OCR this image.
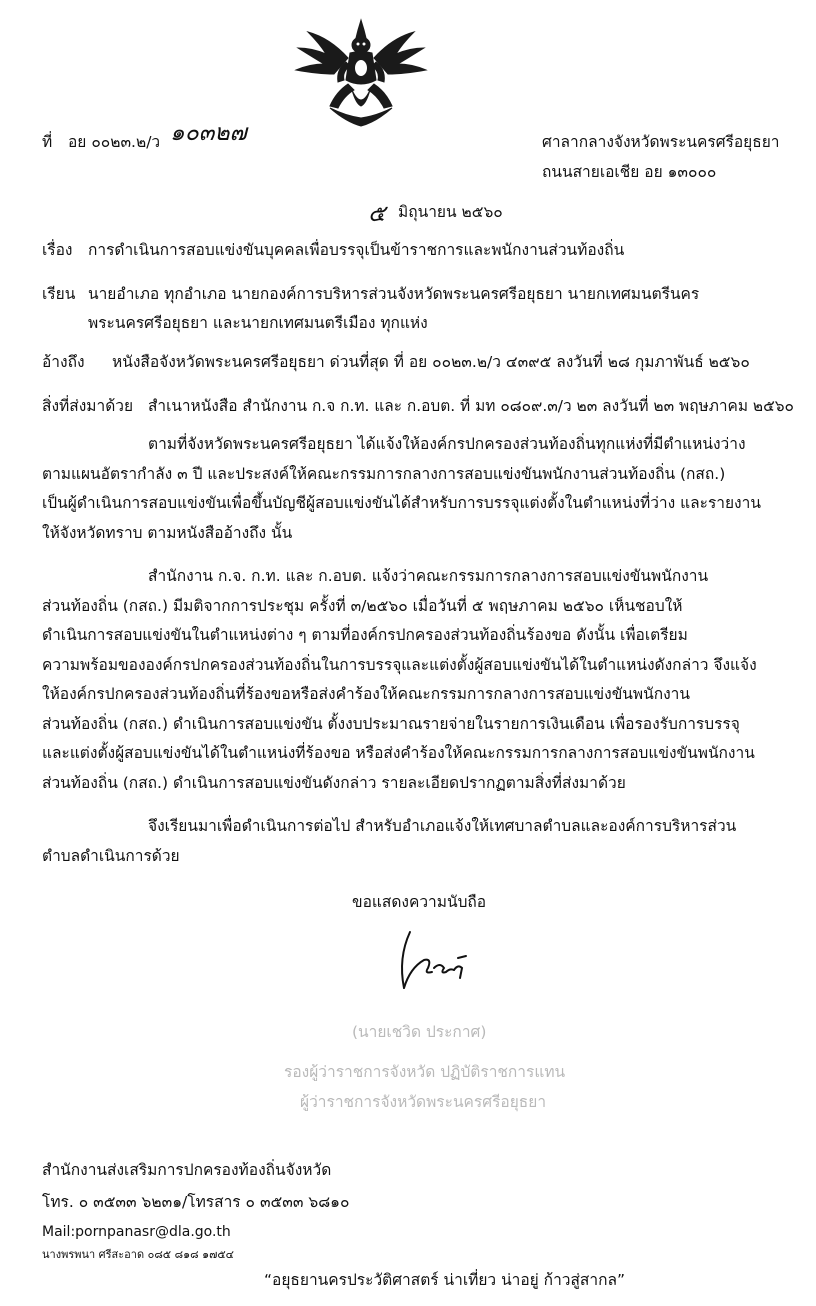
ที่ อย ๐๐๒๓.๒/ว ๑๐๓๒๗	ศาลากลางจังหวัดพระนครศรีอยุธยา
ถนนสายเอเชีย อย ๑๓๐๐๐
๕ มิถุนายน ๒๕๖๐
เรื่อง การดำเนินการสอบแข่งขันบุคคลเพื่อบรรจุเป็นข้าราชการและพนักงานส่วนท้องถิ่น
เรียน นายอำเภอ ทุกอำเภอ นายกองค์การบริหารส่วนจังหวัดพระนครศรีอยุธยา นายกเทศมนตรีนคร
พระนครศรีอยุธยา และนายกเทศมนตรีเมือง ทุกแห่ง
อ้างถึง หนังสือจังหวัดพระนครศรีอยุธยา ด่วนที่สุด ที่ อย ๐๐๒๓.๒/ว ๔๓๙๕ ลงวันที่ ๒๘ กุมภาพันธ์ ๒๕๖๐
สิ่งที่ส่งมาด้วย สำเนาหนังสือ สำนักงาน ก.จ ก.ท. และ ก.อบต. ที่ มท ๐๘๐๙.๓/ว ๒๓ ลงวันที่ ๒๓ พฤษภาคม ๒๕๖๐
ตามที่จังหวัดพระนครศรีอยุธยา ได้แจ้งให้องค์กรปกครองส่วนท้องถิ่นทุกแห่งที่มีตำแหน่งว่าง
ตามแผนอัตรากำลัง ๓ ปี และประสงค์ให้คณะกรรมการกลางการสอบแข่งขันพนักงานส่วนท้องถิ่น (กสถ.)
เป็นผู้ดำเนินการสอบแข่งขันเพื่อขึ้นบัญชีผู้สอบแข่งขันได้สำหรับการบรรจุแต่งตั้งในตำแหน่งที่ว่าง และรายงาน
ให้จังหวัดทราบ ตามหนังสืออ้างถึง นั้น
สำนักงาน ก.จ. ก.ท. และ ก.อบต. แจ้งว่าคณะกรรมการกลางการสอบแข่งขันพนักงาน
ส่วนท้องถิ่น (กสถ.) มีมติจากการประชุม ครั้งที่ ๓/๒๕๖๐ เมื่อวันที่ ๕ พฤษภาคม ๒๕๖๐ เห็นชอบให้
ดำเนินการสอบแข่งขันในตำแหน่งต่าง ๆ ตามที่องค์กรปกครองส่วนท้องถิ่นร้องขอ ดังนั้น เพื่อเตรียม
ความพร้อมขององค์กรปกครองส่วนท้องถิ่นในการบรรจุและแต่งตั้งผู้สอบแข่งขันได้ในตำแหน่งดังกล่าว จึงแจ้ง
ให้องค์กรปกครองส่วนท้องถิ่นที่ร้องขอหรือส่งคำร้องให้คณะกรรมการกลางการสอบแข่งขันพนักงาน
ส่วนท้องถิ่น (กสถ.) ดำเนินการสอบแข่งขัน ตั้งงบประมาณรายจ่ายในรายการเงินเดือน เพื่อรองรับการบรรจุ
และแต่งตั้งผู้สอบแข่งขันได้ในตำแหน่งที่ร้องขอ หรือส่งคำร้องให้คณะกรรมการกลางการสอบแข่งขันพนักงาน
ส่วนท้องถิ่น (กสถ.) ดำเนินการสอบแข่งขันดังกล่าว รายละเอียดปรากฏตามสิ่งที่ส่งมาด้วย
จึงเรียนมาเพื่อดำเนินการต่อไป สำหรับอำเภอแจ้งให้เทศบาลตำบลและองค์การบริหารส่วน
ตำบลดำเนินการด้วย
ขอแสดงความนับถือ
(นายเชวิด ประกาศ)
รองผู้ว่าราชการจังหวัด ปฏิบัติราชการแทน
ผู้ว่าราชการจังหวัดพระนครศรีอยุธยา
สำนักงานส่งเสริมการปกครองท้องถิ่นจังหวัด
โทร. ๐ ๓๕๓๓ ๖๒๓๑/โทรสาร ๐ ๓๕๓๓ ๖๘๑๐
Mail:pornpanasr@dla.go.th
นางพรพนา ศรีสะอาด ๐๘๕ ๘๑๘ ๑๗๕๔
“อยุธยานครประวัติศาสตร์ น่าเที่ยว น่าอยู่ ก้าวสู่สากล”
